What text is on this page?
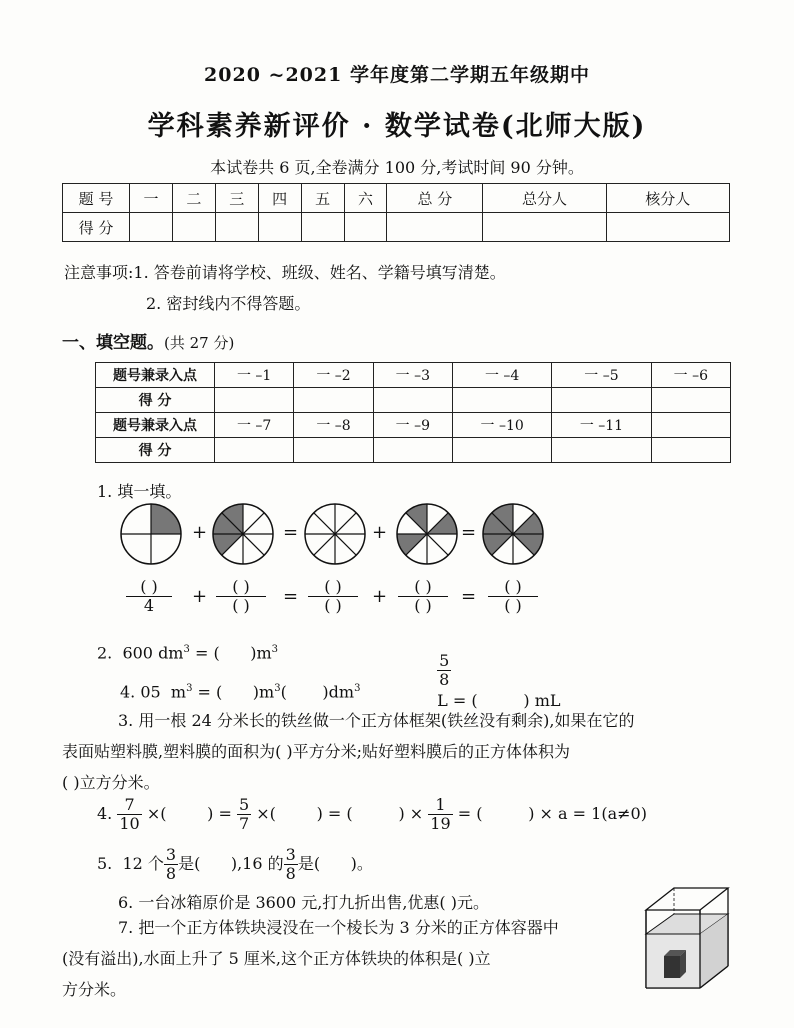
2020 ~2021 学年度第二学期五年级期中
学科素养新评价 · 数学试卷(北师大版)
本试卷共 6 页,全卷满分 100 分,考试时间 90 分钟。
题 号	一	二	三	四	五	六	总 分	总分人	核分人
得 分									
注意事项:1. 答卷前请将学校、班级、姓名、学籍号填写清楚。
2. 密封线内不得答题。
一、填空题。(共 27 分)
题号兼录入点	一 –1	一 –2	一 –3	一 –4	一 –5	一 –6
得 分						
题号兼录入点	一 –7	一 –8	一 –9	一 –10	一 –11	
得 分						
1. 填一填。
+	=	+	=
( )
4	+	( )
( )	=	( )
( )	+	( )
( )	=	( )
( )
2.  600 $dm^3$ = (      )$m^3$

$\frac{5}{8}$

L = (         ) mL

4. 05  $m^3$ = (      )$m^3$(       )$dm^3$
3. 用一根 24 分米长的铁丝做一个正方体框架(铁丝没有剩余),如果在它的
表面贴塑料膜,塑料膜的面积为( )平方分米;贴好塑料膜后的正方体体积为
( )立方分米。
4. $\frac{7}{10}$ ×(        ) = $\frac{5}{7}$ ×(        ) = (         ) × $\frac{1}{19}$ = (         ) × a = 1(a≠0)
5.  12 个 $\frac{3}{8}$ 是(      ),16 的 $\frac{3}{8}$ 是(      )。
6. 一台冰箱原价是 3600 元,打九折出售,优惠( )元。
7. 把一个正方体铁块浸没在一个棱长为 3 分米的正方体容器中
(没有溢出),水面上升了 5 厘米,这个正方体铁块的体积是( )立
方分米。
